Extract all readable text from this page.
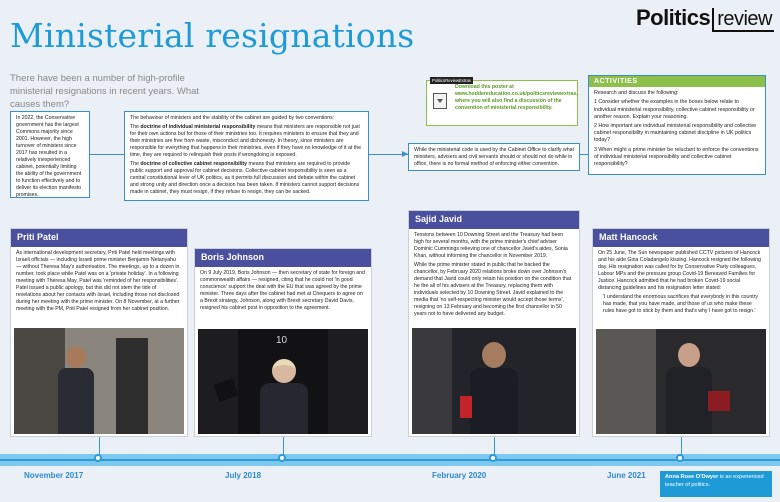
Ministerial resignations	Politics review
There have been a number of high-profile ministerial resignations in recent years. What causes them?

In 2022, the Conservative government has the largest Commons majority since 2001. However, the high turnover of ministers since 2017 has resulted in a relatively inexperienced cabinet, potentially limiting the ability of the government to function effectively and to deliver its election manifesto promises.

The behaviour of ministers and the stability of the cabinet are guided by two conventions:

The doctrine of individual ministerial responsibility means that ministers are responsible not just for their own actions but for those of their ministries too. It requires ministers to ensure that they and their ministries are free from waste, misconduct and dishonesty. In theory, since ministers are responsible for everything that happens in their ministries, even if they have no knowledge of it at the time, they are required to relinquish their posts if wrongdoing is exposed.

The doctrine of collective cabinet responsibility means that ministers are required to provide public support and approval for cabinet decisions. Collective cabinet responsibility is seen as a central constitutional lever of UK politics, as it permits full discussion and debate within the cabinet and strong unity and direction once a decision has been taken. If ministers cannot support decisions made in cabinet, they must resign, if they refuse to resign, they can be sacked.

PoliticsReviewExtras
Download this poster at
www.hoddereducation.co.uk/politicsreviewextras, where you will also find a discussion of the convention of ministerial responsibility.

While the ministerial code is used by the Cabinet Office to clarify what ministers, advisers and civil servants should or should not do while in office, there is no formal method of enforcing either convention.

ACTIVITIES

Research and discuss the following:

1 Consider whether the examples in the boxes below relate to individual ministerial responsibility, collective cabinet responsibility or another reason. Explain your reasoning.

2 How important are individual ministerial responsibility and collective cabinet responsibility in maintaining cabinet discipline in UK politics today?

3 When might a prime minister be reluctant to enforce the conventions of individual ministerial responsibility and collective cabinet responsibility?

Priti Patel

As international development secretary, Priti Patel held meetings with Israeli officials — including Israeli prime minister Benjamin Netanyahu — without Theresa May's authorisation. The meetings, up to a dozen in number, took place while Patel was on a 'private holiday'. In a following meeting with Theresa May, Patel was 'reminded of her responsibilities'. Patel issued a public apology, but this did not stem the tide of revelations about her contacts with Israel, including those not disclosed during her meeting with the prime minister. On 8 November, at a further meeting with the PM, Priti Patel resigned from her cabinet position.

Boris Johnson

On 9 July 2019, Boris Johnson — then secretary of state for foreign and commonwealth affairs — resigned, citing that he could not 'in good conscience' support the deal with the EU that was agreed by the prime minister. Three days after the cabinet had met at Chequers to agree on a Brexit strategy, Johnson, along with Brexit secretary David Davis, resigned his cabinet post in opposition to the agreement.

10
Sajid Javid

Tensions between 10 Downing Street and the Treasury had been high for several months, with the prime minister's chief adviser Dominic Cummings relieving one of chancellor Javid's aides, Sonia Khan, without informing the chancellor in November 2019.

While the prime minister stated in public that he backed the chancellor, by February 2020 relations broke down over Johnson's demand that Javid could only retain his position on the condition that he fire all of his advisers at the Treasury, replacing them with individuals selected by 10 Downing Street. Javid explained to the media that 'no self-respecting minister would accept those terms', resigning on 13 February and becoming the first chancellor in 50 years not to have delivered any budget.

Matt Hancock

On 25 June, The Sun newspaper published CCTV pictures of Hancock and his aide Gina Coladangelo kissing. Hancock resigned the following day. His resignation was called for by Conservative Party colleagues, Labour MPs and the pressure group Covid-19 Bereaved Families for Justice. Hancock admitted that he had broken Covid-19 social distancing guidelines and his resignation letter stated:

'I understand the enormous sacrifices that everybody in this country has made, that you have made, and those of us who make these rules have got to stick by them and that's why I have got to resign.'

November 2017	July 2018	February 2020	June 2021	Anna Rose O'Dwyer is an experienced teacher of politics.
